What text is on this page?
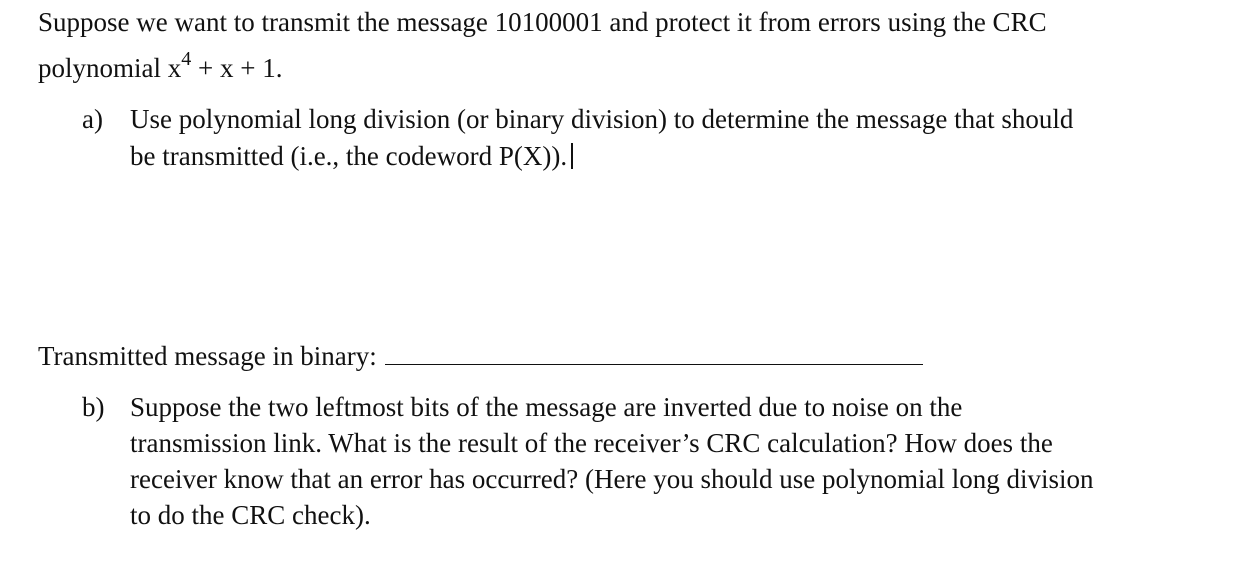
Suppose we want to transmit the message 10100001 and protect it from errors using the CRC
polynomial $x^4 + x + 1$.
a) Use polynomial long division (or binary division) to determine the message that should
be transmitted (i.e., the codeword P(X)).
Transmitted message in binary:
b) Suppose the two leftmost bits of the message are inverted due to noise on the
transmission link. What is the result of the receiver’s CRC calculation? How does the
receiver know that an error has occurred? (Here you should use polynomial long division
to do the CRC check).
